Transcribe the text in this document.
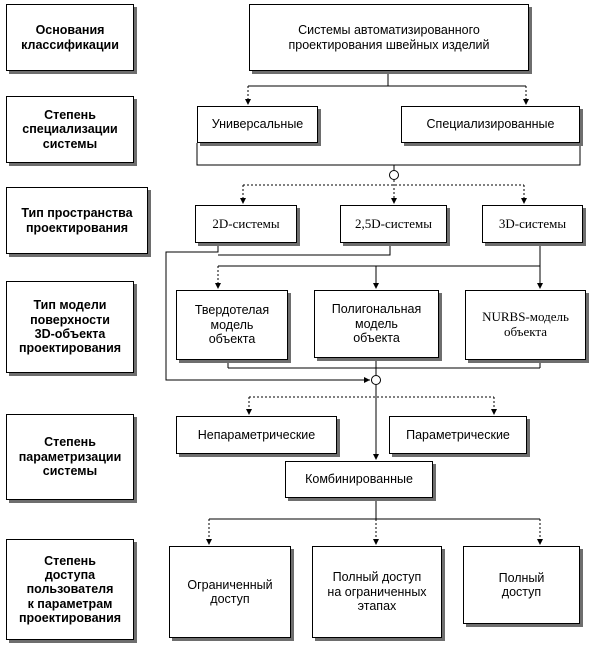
Основания
классификации
Степень
специализации
системы
Тип пространства
проектирования
Тип модели
поверхности
3D-объекта
проектирования
Степень
параметризации
системы
Степень
доступа
пользователя
к параметрам
проектирования
Системы автоматизированного
проектирования швейных изделий
Универсальные	Специализированные
2D-системы	2,5D-системы	3D-системы
Твердотелая
модель
объекта
Полигональная
модель
объекта
NURBS-модель
объекта
Непараметрические	Параметрические
Комбинированные
Ограниченный
доступ
Полный доступ
на ограниченных
этапах
Полный
доступ
